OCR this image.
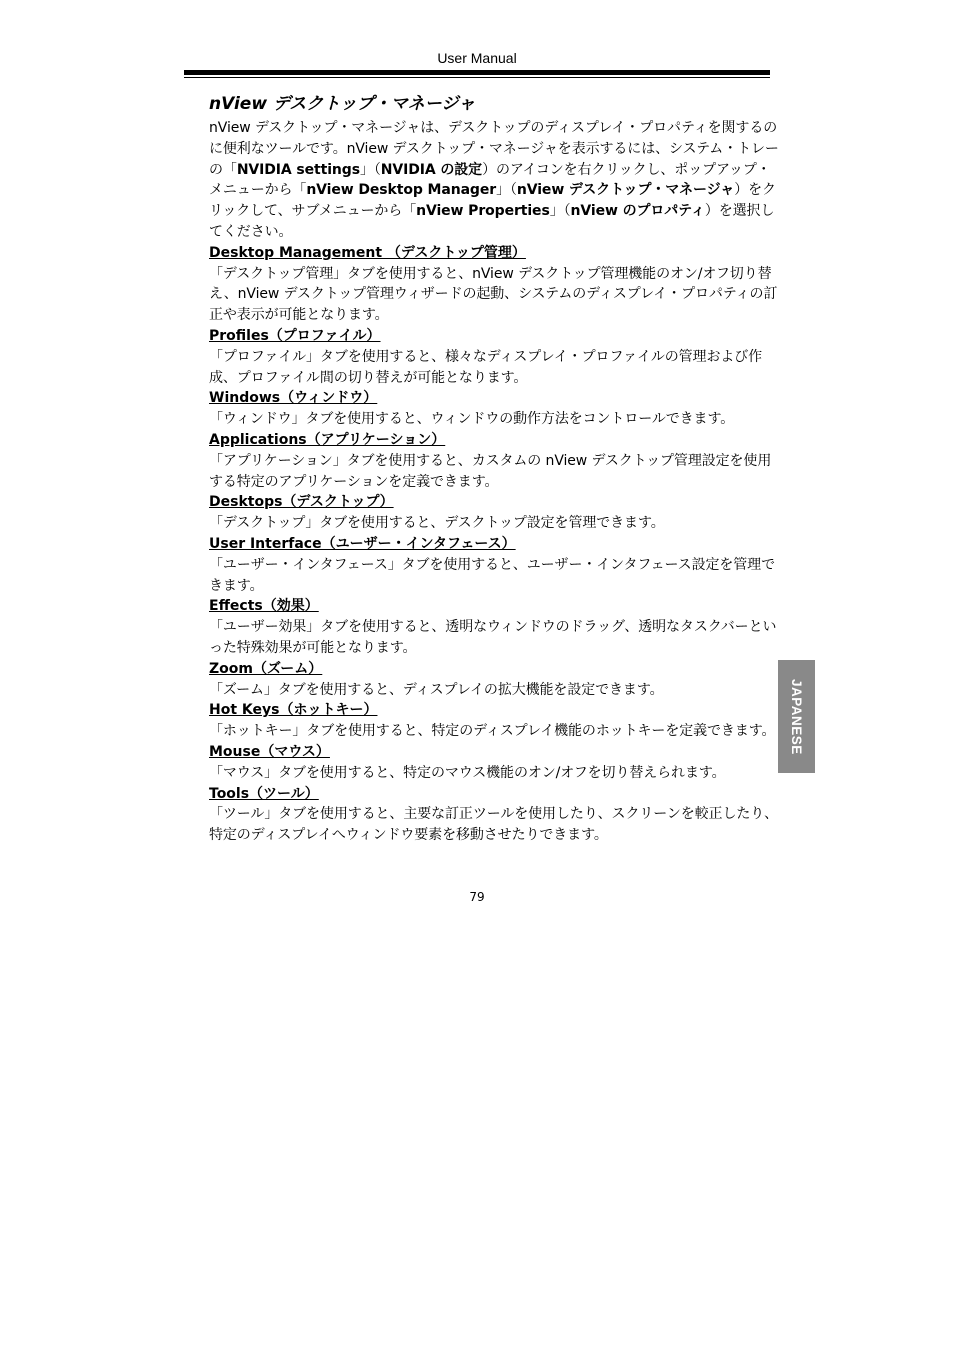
User Manual
nView デスクトップ・マネージャ

nView デスクトップ・マネージャは、デスクトップのディスプレイ・プロパティを関するのに便利なツールです。nView デスクトップ・マネージャを表示するには、システム・トレーの「NVIDIA settings」（NVIDIA の設定）のアイコンを右クリックし、ポップアップ・メニューから「nView Desktop Manager」（nView デスクトップ・マネージャ）をクリックして、サブメニューから「nView Properties」（nView のプロパティ）を選択してください。

Desktop Management （デスクトップ管理）

「デスクトップ管理」タブを使用すると、nView デスクトップ管理機能のオン/オフ切り替え、nView デスクトップ管理ウィザードの起動、システムのディスプレイ・プロパティの訂正や表示が可能となります。

Profiles（プロファイル）

「プロファイル」タブを使用すると、様々なディスプレイ・プロファイルの管理および作成、プロファイル間の切り替えが可能となります。

Windows（ウィンドウ）

「ウィンドウ」タブを使用すると、ウィンドウの動作方法をコントロールできます。

Applications（アプリケーション）

「アプリケーション」タブを使用すると、カスタムの nView デスクトップ管理設定を使用する特定のアプリケーションを定義できます。

Desktops（デスクトップ）

「デスクトップ」タブを使用すると、デスクトップ設定を管理できます。

User Interface（ユーザー・インタフェース）

「ユーザー・インタフェース」タブを使用すると、ユーザー・インタフェース設定を管理できます。

Effects（効果）

「ユーザー効果」タブを使用すると、透明なウィンドウのドラッグ、透明なタスクバーといった特殊効果が可能となります。

Zoom（ズーム）

「ズーム」タブを使用すると、ディスプレイの拡大機能を設定できます。

Hot Keys（ホットキー）

「ホットキー」タブを使用すると、特定のディスプレイ機能のホットキーを定義できます。

Mouse（マウス）

「マウス」タブを使用すると、特定のマウス機能のオン/オフを切り替えられます。

Tools（ツール）

「ツール」タブを使用すると、主要な訂正ツールを使用したり、スクリーンを較正したり、特定のディスプレイへウィンドウ要素を移動させたりできます。

79
JAPANESE
